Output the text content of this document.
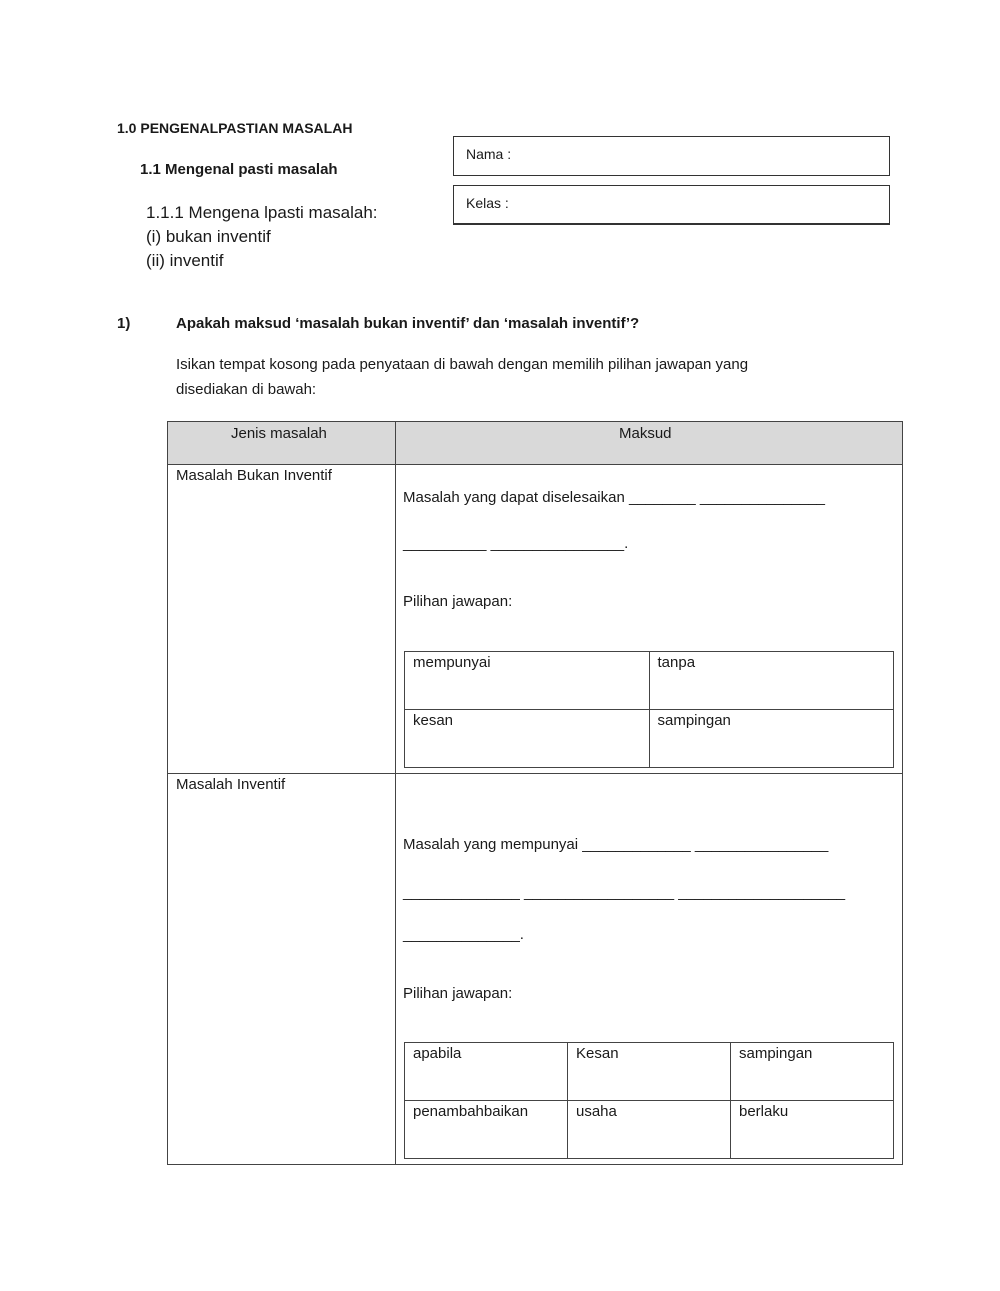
1.0 PENGENALPASTIAN MASALAH
1.1 Mengenal pasti masalah
1.1.1 Mengena lpasti masalah:
(i) bukan inventif
(ii) inventif
Nama :
Kelas :
1)	Apakah maksud ‘masalah bukan inventif’ dan ‘masalah inventif’?
Isikan tempat kosong pada penyataan di bawah dengan memilih pilihan jawapan yang
disediakan di bawah:
Jenis masalah	Maksud
Masalah Bukan Inventif
Masalah yang dapat diselesaikan ________ _______________
__________ ________________.
Pilihan jawapan:
mempunyai	tanpa
kesan	sampingan
Masalah Inventif
Masalah yang mempunyai _____________ ________________
______________ __________________ ____________________
______________.
Pilihan jawapan:
apabila	Kesan	sampingan
penambahbaikan	usaha	berlaku
